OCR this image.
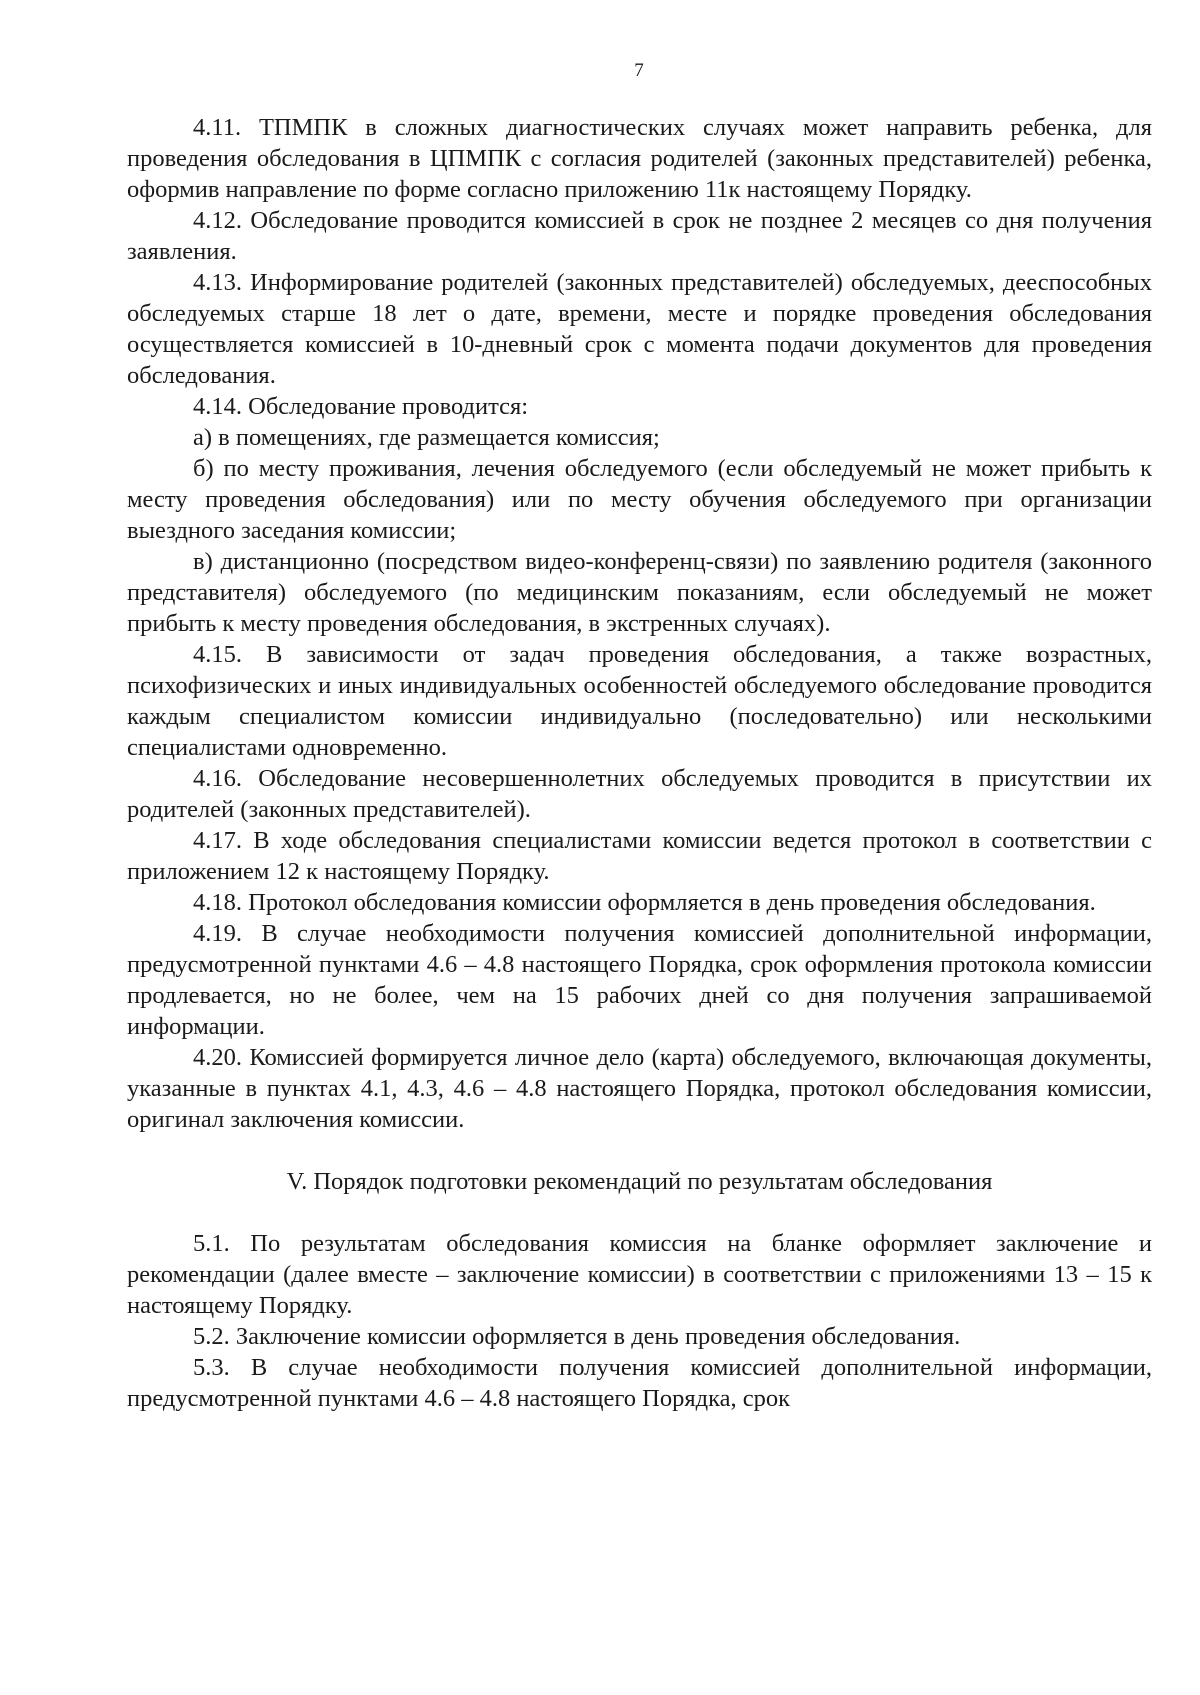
7

4.11. ТПМПК в сложных диагностических случаях может направить ребенка, для проведения обследования в ЦПМПК с согласия родителей (законных представителей) ребенка, оформив направление по форме согласно приложению 11к настоящему Порядку.

4.12. Обследование проводится комиссией в срок не позднее 2 месяцев со дня получения заявления.

4.13. Информирование родителей (законных представителей) обследуемых, дееспособных обследуемых старше 18 лет о дате, времени, месте и порядке проведения обследования осуществляется комиссией в 10-дневный срок с момента подачи документов для проведения обследования.

4.14. Обследование проводится:

а) в помещениях, где размещается комиссия;

б) по месту проживания, лечения обследуемого (если обследуемый не может прибыть к месту проведения обследования) или по месту обучения обследуемого при организации выездного заседания комиссии;

в) дистанционно (посредством видео-конференц-связи) по заявлению родителя (законного представителя) обследуемого (по медицинским показаниям, если обследуемый не может прибыть к месту проведения обследования, в экстренных случаях).

4.15. В зависимости от задач проведения обследования, а также возрастных, психофизических и иных индивидуальных особенностей обследуемого обследование проводится каждым специалистом комиссии индивидуально (последовательно) или несколькими специалистами одновременно.

4.16. Обследование несовершеннолетних обследуемых проводится в присутствии их родителей (законных представителей).

4.17. В ходе обследования специалистами комиссии ведется протокол в соответствии с приложением 12 к настоящему Порядку.

4.18. Протокол обследования комиссии оформляется в день проведения обследования.

4.19. В случае необходимости получения комиссией дополнительной информации, предусмотренной пунктами 4.6 – 4.8 настоящего Порядка, срок оформления протокола комиссии продлевается, но не более, чем на 15 рабочих дней со дня получения запрашиваемой информации.

4.20. Комиссией формируется личное дело (карта) обследуемого, включающая документы, указанные в пунктах 4.1, 4.3, 4.6 – 4.8 настоящего Порядка, протокол обследования комиссии, оригинал заключения комиссии.

V. Порядок подготовки рекомендаций по результатам обследования

5.1. По результатам обследования комиссия на бланке оформляет заключение и рекомендации (далее вместе – заключение комиссии) в соответствии с приложениями 13 – 15 к настоящему Порядку.

5.2. Заключение комиссии оформляется в день проведения обследования.

5.3. В случае необходимости получения комиссией дополнительной информации, предусмотренной пунктами 4.6 – 4.8 настоящего Порядка, срок
